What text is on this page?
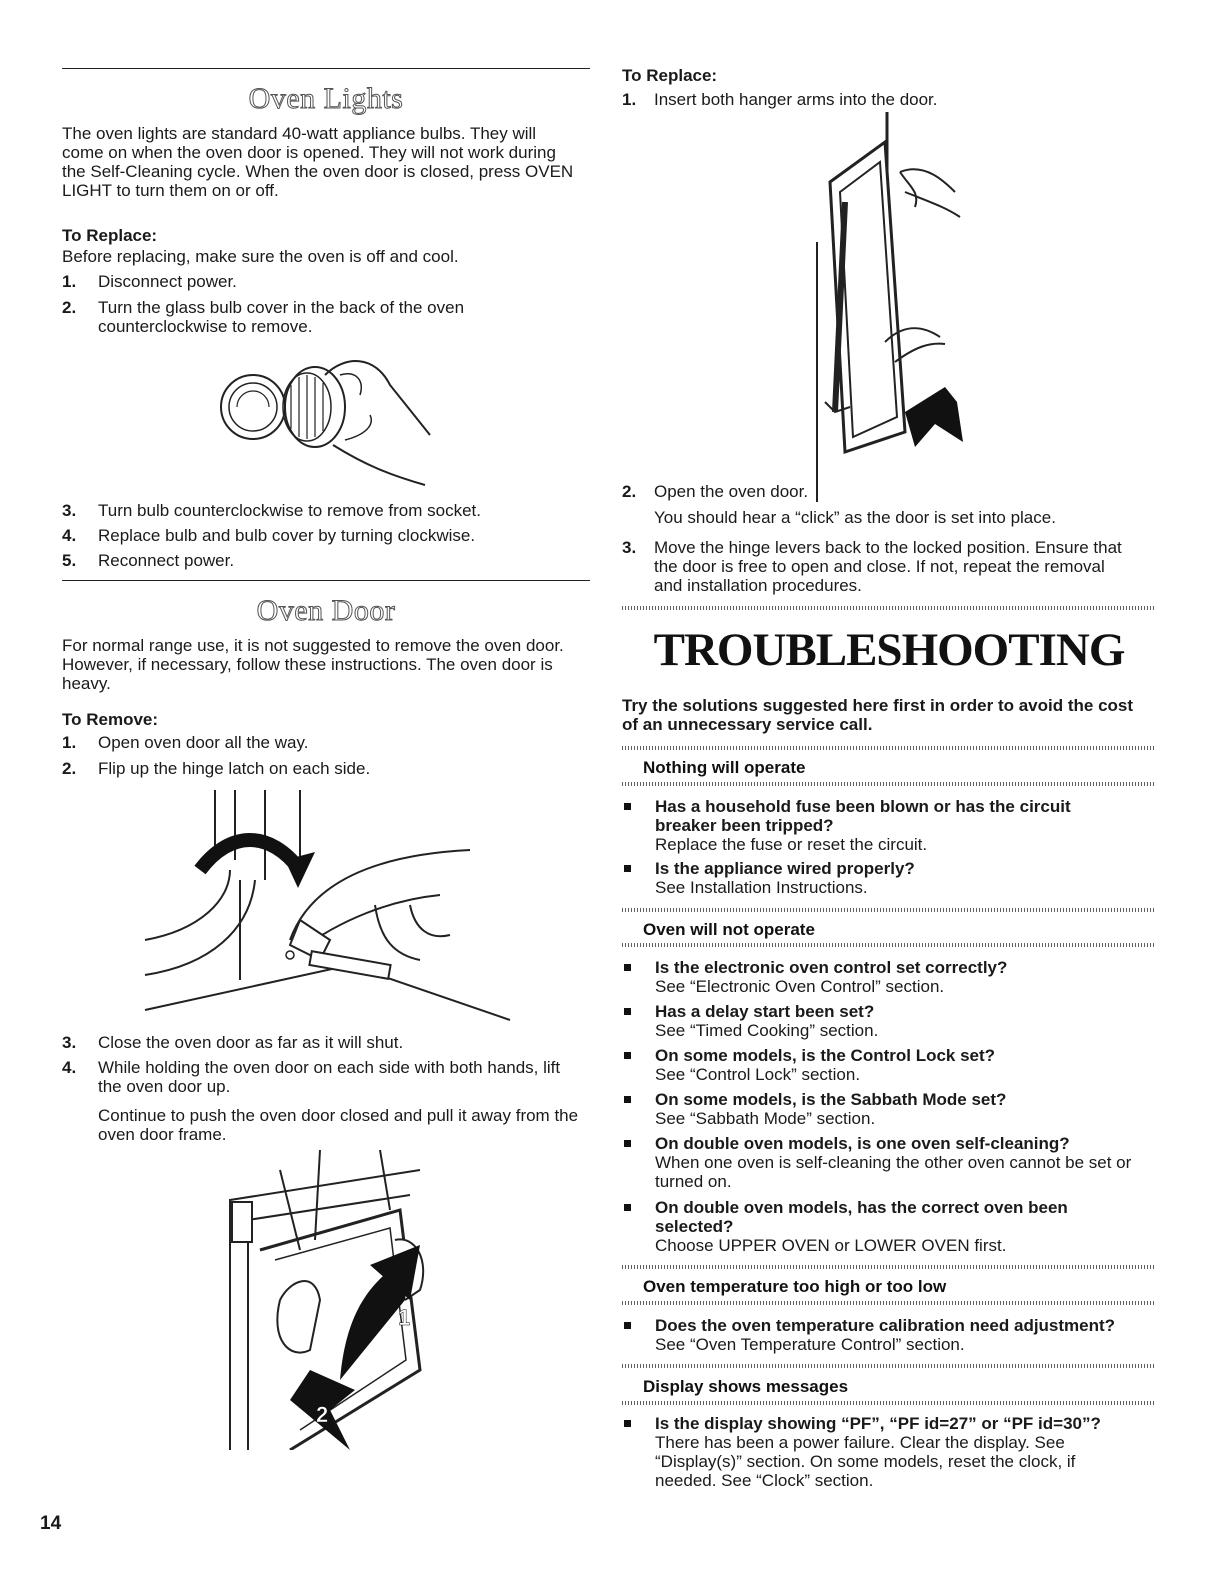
Oven Lights
The oven lights are standard 40-watt appliance bulbs. They will come on when the oven door is opened. They will not work during the Self-Cleaning cycle. When the oven door is closed, press OVEN LIGHT to turn them on or off.
To Replace:
Before replacing, make sure the oven is off and cool.
1.	Disconnect power.
2.	Turn the glass bulb cover in the back of the oven counterclockwise to remove.
3.	Turn bulb counterclockwise to remove from socket.
4.	Replace bulb and bulb cover by turning clockwise.
5.	Reconnect power.
Oven Door
For normal range use, it is not suggested to remove the oven door. However, if necessary, follow these instructions. The oven door is heavy.
To Remove:
1.	Open oven door all the way.
2.	Flip up the hinge latch on each side.
3.	Close the oven door as far as it will shut.
4.	While holding the oven door on each side with both hands, lift the oven door up.
Continue to push the oven door closed and pull it away from the oven door frame.
1
2
14
To Replace:
1.	Insert both hanger arms into the door.
2.	Open the oven door.
You should hear a “click” as the door is set into place.
3.	Move the hinge levers back to the locked position. Ensure that the door is free to open and close. If not, repeat the removal and installation procedures.
TROUBLESHOOTING
Try the solutions suggested here first in order to avoid the cost of an unnecessary service call.
Nothing will operate
Has a household fuse been blown or has the circuit breaker been tripped?
Replace the fuse or reset the circuit.
Is the appliance wired properly?
See Installation Instructions.
Oven will not operate
Is the electronic oven control set correctly?
See “Electronic Oven Control” section.
Has a delay start been set?
See “Timed Cooking” section.
On some models, is the Control Lock set?
See “Control Lock” section.
On some models, is the Sabbath Mode set?
See “Sabbath Mode” section.
On double oven models, is one oven self-cleaning?
When one oven is self-cleaning the other oven cannot be set or turned on.
On double oven models, has the correct oven been selected?
Choose UPPER OVEN or LOWER OVEN first.
Oven temperature too high or too low
Does the oven temperature calibration need adjustment?
See “Oven Temperature Control” section.
Display shows messages
Is the display showing “PF”, “PF id=27” or “PF id=30”?
There has been a power failure. Clear the display. See “Display(s)” section. On some models, reset the clock, if needed. See “Clock” section.
